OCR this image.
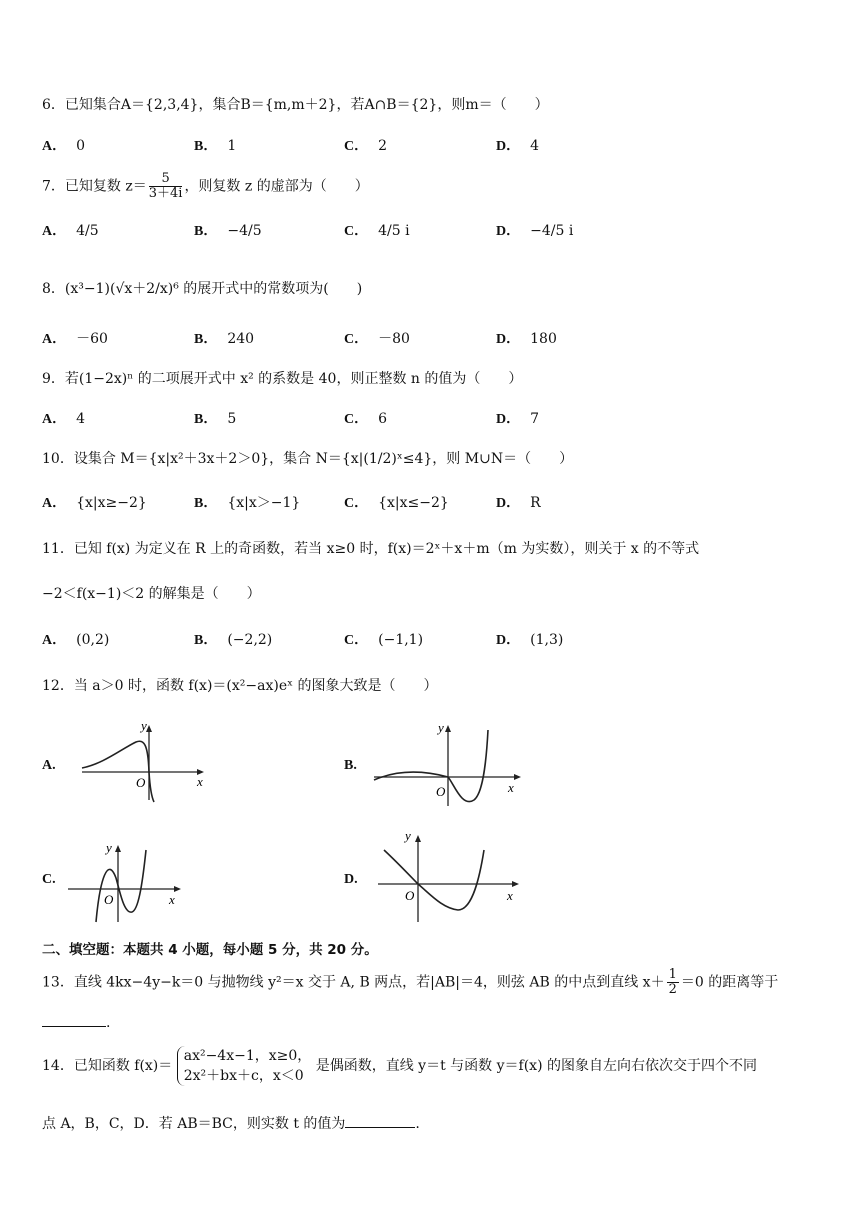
6．已知集合A＝{2,3,4}，集合B＝{m,m＋2}，若A∩B＝{2}，则m＝（　　）
A． 0	B． 1	C． 2	D． 4
7．已知复数 $z= \frac{5}{3+4i}$ ，则复数 z 的虚部为（　　）
A． 4/5	B． −4/5	C． 4/5 i	D． −4/5 i
8．(x³−1)(√x＋2/x)⁶ 的展开式中的常数项为(　　)
A． －60	B． 240	C． －80	D． 180
9．若(1−2x)ⁿ 的二项展开式中 x² 的系数是 40，则正整数 n 的值为（　　）
A． 4	B． 5	C． 6	D． 7
10．设集合 M＝{x|x²＋3x＋2＞0}，集合 N＝{x|(1/2)ˣ≤4}，则 M∪N＝（　　）
A． {x|x≥−2}	B． {x|x＞−1}	C． {x|x≤−2}	D． R
11．已知 f(x) 为定义在 R 上的奇函数，若当 x≥0 时，f(x)＝2ˣ＋x＋m（m 为实数），则关于 x 的不等式
−2＜f(x−1)＜2 的解集是（　　）
A． (0,2)	B． (−2,2)	C． (−1,1)	D． (1,3)
12．当 a＞0 时，函数 f(x)＝(x²−ax)eˣ 的图象大致是（　　）
A.
y
x
O
B.
y
x
O
C.
y
x
O
D.
y
x
O
二、填空题：本题共 4 小题，每小题 5 分，共 20 分。
13．直线 4kx−4y−k＝0 与抛物线 y²＝x 交于 A, B 两点，若|AB|＝4，则弦 AB 的中点到直线 $x+ \frac{1}{2} =0$ 的距离等于
.
14．已知函数 f(x)＝
ax²−4x−1，x≥0，
2x²＋bx＋c，x＜0
是偶函数，直线 y＝t 与函数 y＝f(x) 的图象自左向右依次交于四个不同
点 A，B，C，D．若 AB＝BC，则实数 t 的值为	.
